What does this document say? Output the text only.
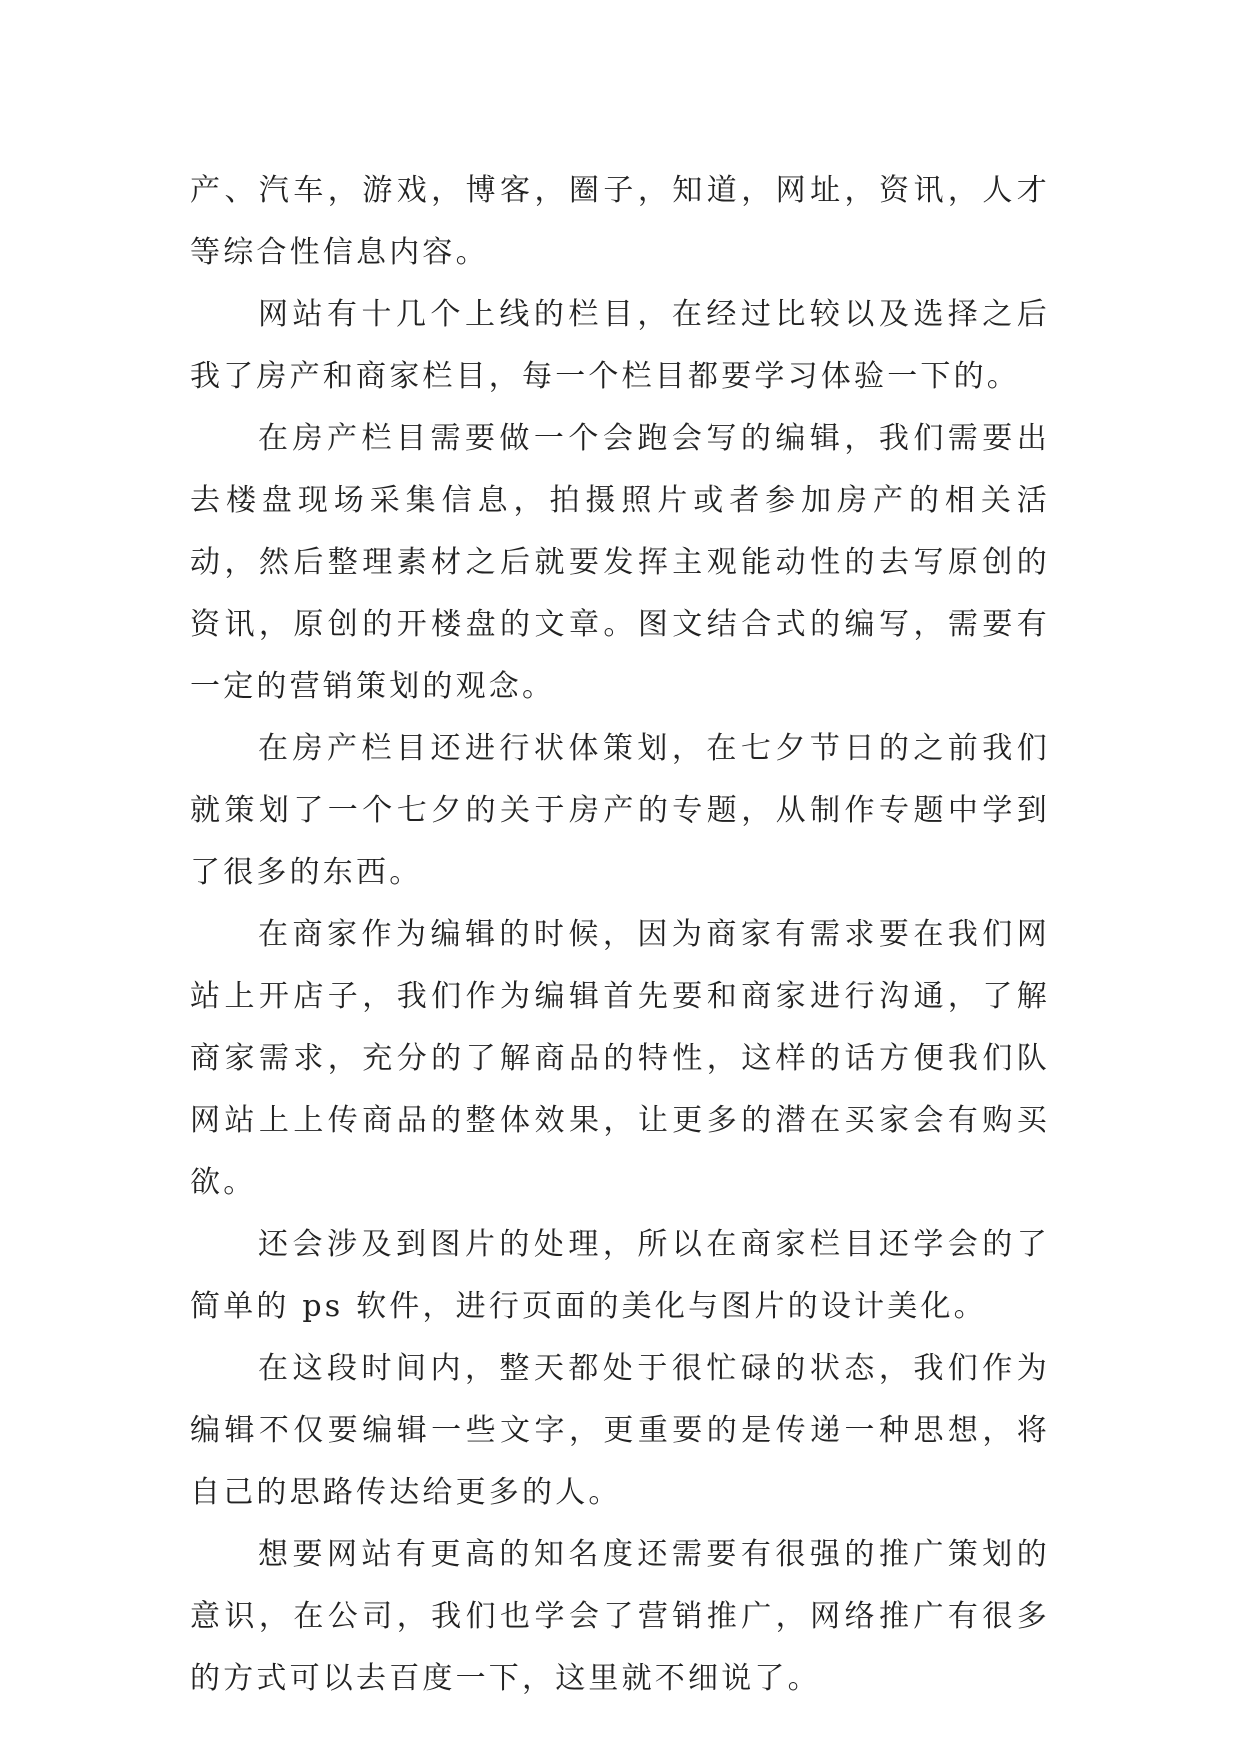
产、汽车，游戏，博客，圈子，知道，网址，资讯，人才等综合性信息内容。

网站有十几个上线的栏目，在经过比较以及选择之后我了房产和商家栏目，每一个栏目都要学习体验一下的。

在房产栏目需要做一个会跑会写的编辑，我们需要出去楼盘现场采集信息，拍摄照片或者参加房产的相关活动，然后整理素材之后就要发挥主观能动性的去写原创的资讯，原创的开楼盘的文章。图文结合式的编写，需要有一定的营销策划的观念。

在房产栏目还进行状体策划，在七夕节日的之前我们就策划了一个七夕的关于房产的专题，从制作专题中学到了很多的东西。

在商家作为编辑的时候，因为商家有需求要在我们网站上开店子，我们作为编辑首先要和商家进行沟通，了解商家需求，充分的了解商品的特性，这样的话方便我们队网站上上传商品的整体效果，让更多的潜在买家会有购买欲。

还会涉及到图片的处理，所以在商家栏目还学会的了简单的 ps 软件，进行页面的美化与图片的设计美化。

在这段时间内，整天都处于很忙碌的状态，我们作为编辑不仅要编辑一些文字，更重要的是传递一种思想，将自己的思路传达给更多的人。

想要网站有更高的知名度还需要有很强的推广策划的意识，在公司，我们也学会了营销推广，网络推广有很多的方式可以去百度一下，这里就不细说了。
